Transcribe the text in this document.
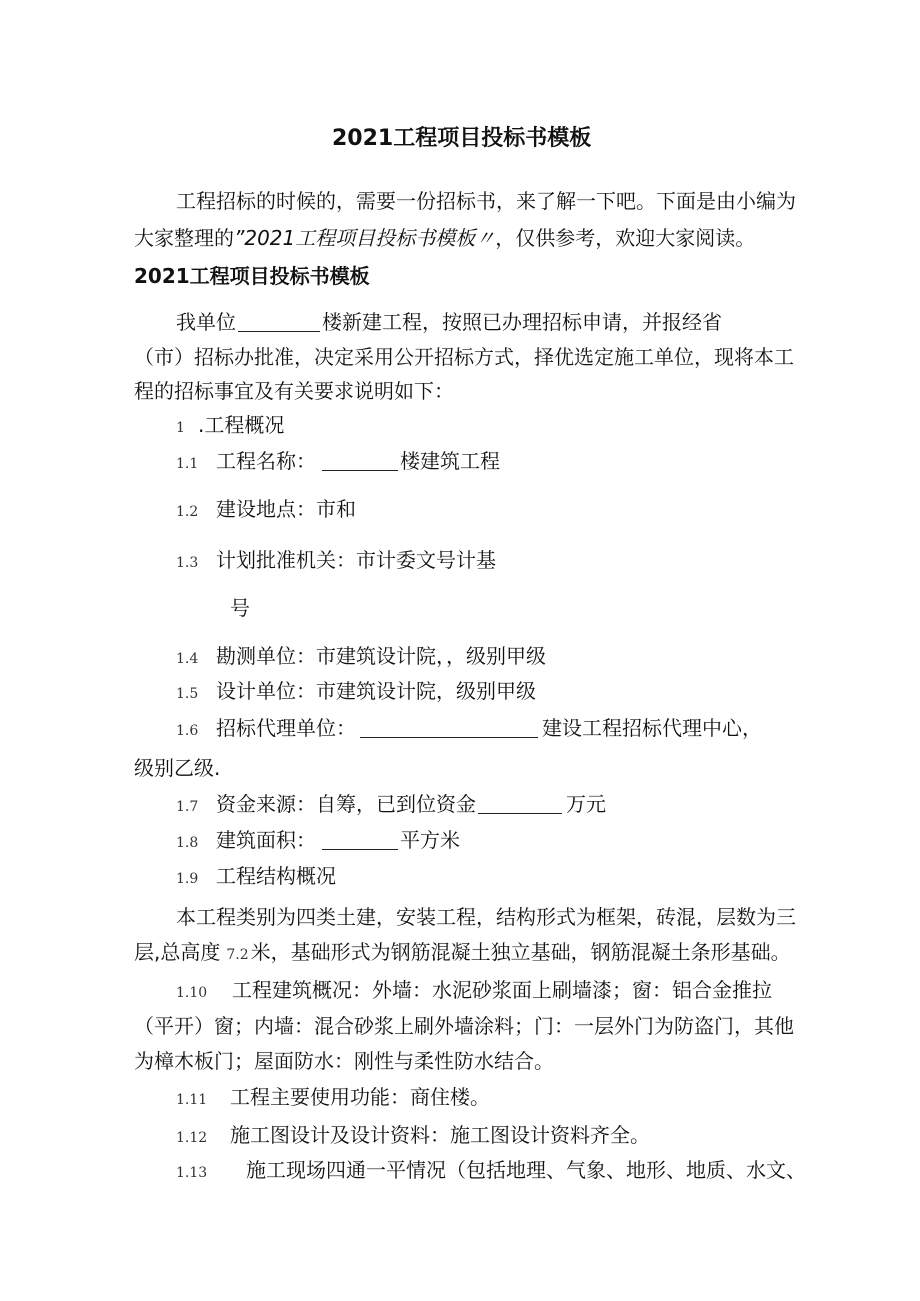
2021工程项目投标书模板
工程招标的时候的，需要一份招标书，来了解一下吧。下面是由小编为
大家整理的”2021工程项目投标书模板〃，仅供参考，欢迎大家阅读。
2021工程项目投标书模板
我单位	楼新建工程，按照已办理招标申请，并报经省
（市）招标办批准，决定采用公开招标方式，择优选定施工单位，现将本工
程的招标事宜及有关要求说明如下：
1 .工程概况
1.1 工程名称：	楼建筑工程
1.2 建设地点：市和
1.3 计划批准机关：市计委文号计基
号
1.4 勘测单位：市建筑设计院，，级别甲级
1.5 设计单位：市建筑设计院，级别甲级
1.6 招标代理单位：	建设工程招标代理中心，
级别乙级.
1.7 资金来源：自筹，已到位资金	万元
1.8 建筑面积：	平方米
1.9 工程结构概况
本工程类别为四类土建，安装工程，结构形式为框架，砖混，层数为三
层,总高度 7.2 米，基础形式为钢筋混凝土独立基础，钢筋混凝土条形基础。
1.10 工程建筑概况：外墙：水泥砂浆面上刷墙漆；窗：铝合金推拉
（平开）窗；内墙：混合砂浆上刷外墙涂料；门：一层外门为防盗门，其他
为樟木板门；屋面防水：刚性与柔性防水结合。
1.11 工程主要使用功能：商住楼。
1.12 施工图设计及设计资料：施工图设计资料齐全。
1.13 施工现场四通一平情况（包括地理、气象、地形、地质、水文、
